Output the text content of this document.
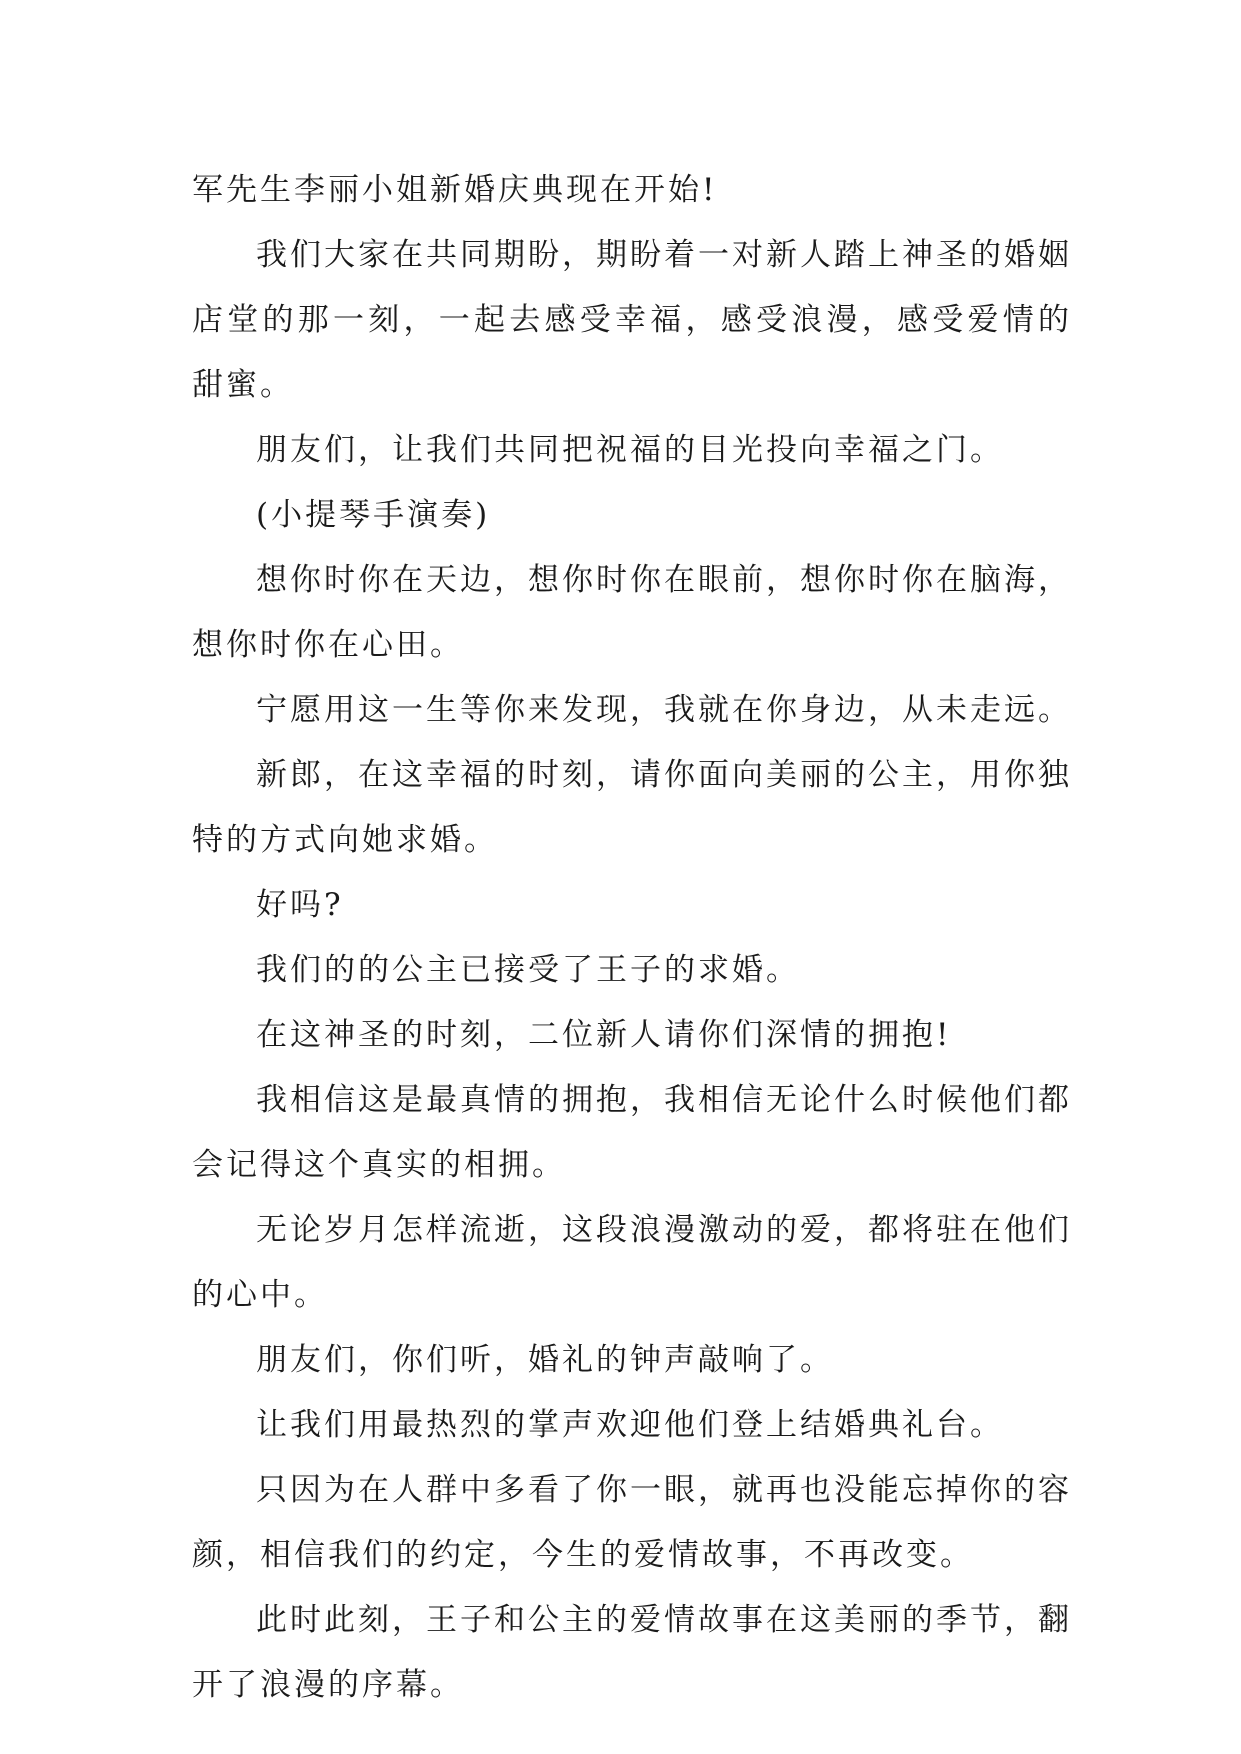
军先生李丽小姐新婚庆典现在开始!

我们大家在共同期盼，期盼着一对新人踏上神圣的婚姻店堂的那一刻，一起去感受幸福，感受浪漫，感受爱情的甜蜜。

朋友们，让我们共同把祝福的目光投向幸福之门。

(小提琴手演奏)

想你时你在天边，想你时你在眼前，想你时你在脑海，想你时你在心田。

宁愿用这一生等你来发现，我就在你身边，从未走远。

新郎，在这幸福的时刻，请你面向美丽的公主，用你独特的方式向她求婚。

好吗?

我们的的公主已接受了王子的求婚。

在这神圣的时刻，二位新人请你们深情的拥抱!

我相信这是最真情的拥抱，我相信无论什么时候他们都会记得这个真实的相拥。

无论岁月怎样流逝，这段浪漫激动的爱，都将驻在他们的心中。

朋友们，你们听，婚礼的钟声敲响了。

让我们用最热烈的掌声欢迎他们登上结婚典礼台。

只因为在人群中多看了你一眼，就再也没能忘掉你的容颜，相信我们的约定，今生的爱情故事，不再改变。

此时此刻，王子和公主的爱情故事在这美丽的季节，翻开了浪漫的序幕。
